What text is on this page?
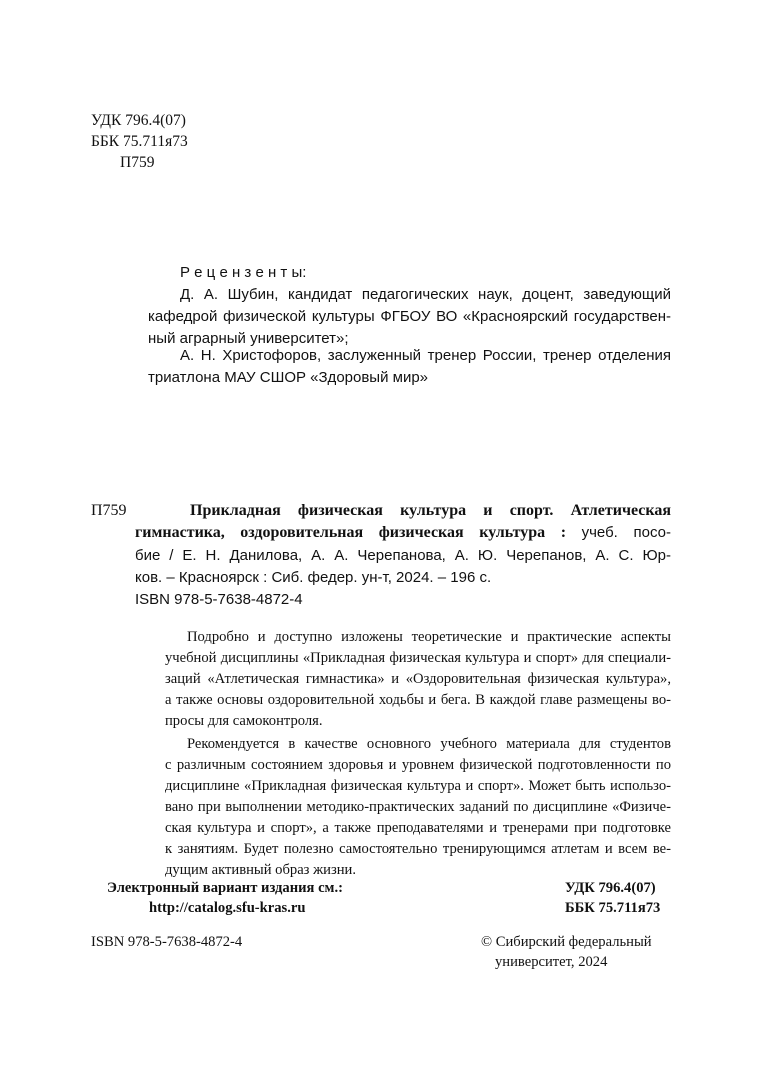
УДК 796.4(07)
ББК 75.711я73
П759
Р е ц е н з е н т ы:
Д. А. Шубин, кандидат педагогических наук, доцент, заведующий
кафедрой физической культуры ФГБОУ ВО «Красноярский государствен-
ный аграрный университет»;
А. Н. Христофоров, заслуженный тренер России, тренер отделения
триатлона МАУ СШОР «Здоровый мир»
П759	Прикладная физическая культура и спорт. Атлетическая
гимнастика, оздоровительная физическая культура : учеб. посо-
бие / Е. Н. Данилова, А. А. Черепанова, А. Ю. Черепанов, А. С. Юр-
ков. – Красноярск : Сиб. федер. ун-т, 2024. – 196 с.
ISBN 978-5-7638-4872-4
Подробно и доступно изложены теоретические и практические аспекты
учебной дисциплины «Прикладная физическая культура и спорт» для специали-
заций «Атлетическая гимнастика» и «Оздоровительная физическая культура»,
а также основы оздоровительной ходьбы и бега. В каждой главе размещены во-
просы для самоконтроля.
Рекомендуется в качестве основного учебного материала для студентов
с различным состоянием здоровья и уровнем физической подготовленности по
дисциплине «Прикладная физическая культура и спорт». Может быть использо-
вано при выполнении методико-практических заданий по дисциплине «Физиче-
ская культура и спорт», а также преподавателями и тренерами при подготовке
к занятиям. Будет полезно самостоятельно тренирующимся атлетам и всем ве-
дущим активный образ жизни.
Электронный вариант издания см.:
http://catalog.sfu-kras.ru
УДК 796.4(07)
ББК 75.711я73
ISBN 978-5-7638-4872-4	© Сибирский федеральный
университет, 2024
